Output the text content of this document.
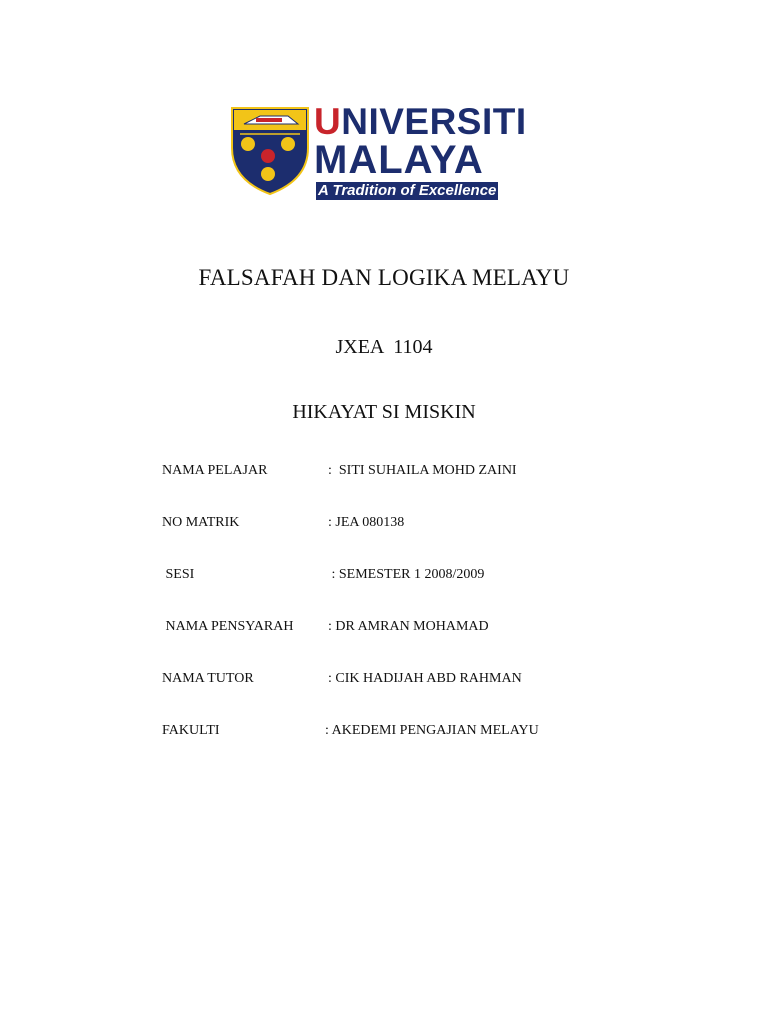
UNIVERSITI
MALAYA
A Tradition of Excellence
FALSAFAH DAN LOGIKA MELAYU
JXEA  1104
HIKAYAT SI MISKIN

NAMA PELAJAR

	:  SITI SUHAILA MOHD ZAINI

NO MATRIK

	: JEA 080138

SESI

	: SEMESTER 1 2008/2009

NAMA PENSYARAH

: DR AMRAN MOHAMAD

NAMA TUTOR

	: CIK HADIJAH ABD RAHMAN

FAKULTI

	: AKEDEMI PENGAJIAN MELAYU
